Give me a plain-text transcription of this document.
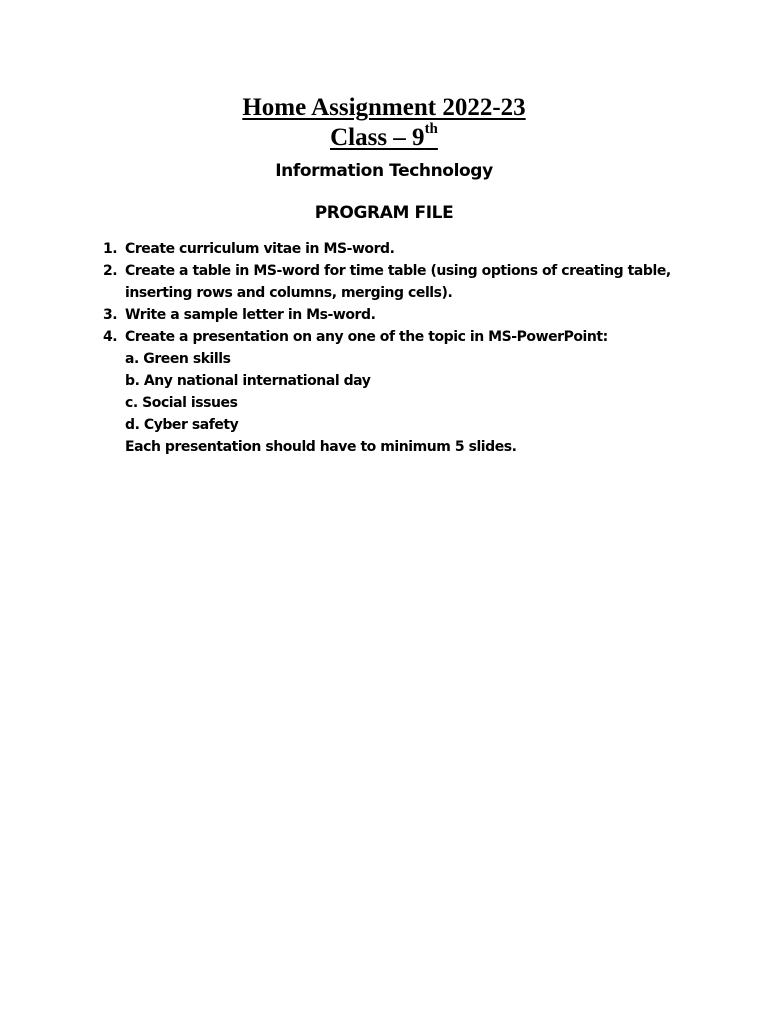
Home Assignment 2022-23
Class – 9th
Information Technology
PROGRAM FILE
1. Create curriculum vitae in MS-word.
2. Create a table in MS-word for time table (using options of creating table, inserting rows and columns, merging cells).
3. Write a sample letter in Ms-word.
4. Create a presentation on any one of the topic in MS-PowerPoint:
a. Green skills
b. Any national international day
c. Social issues
d. Cyber safety
Each presentation should have to minimum 5 slides.
